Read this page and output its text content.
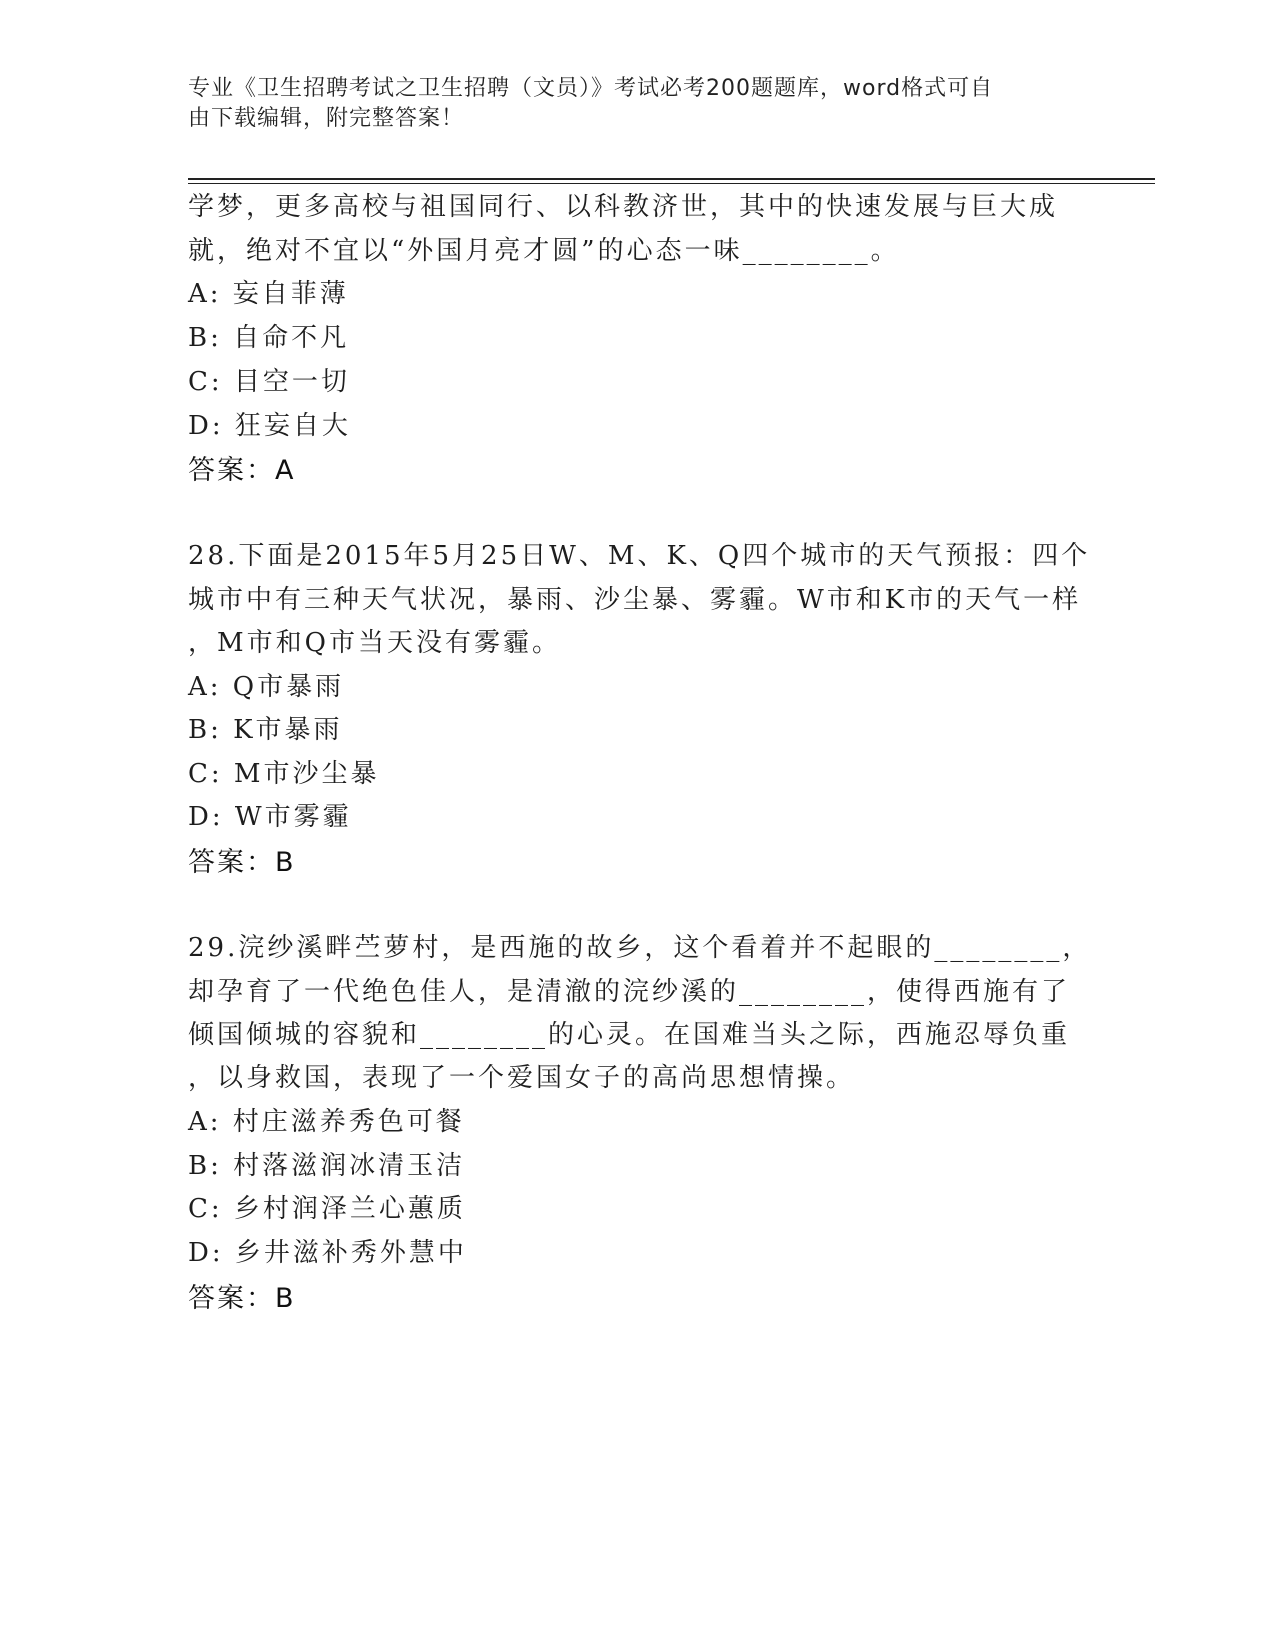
专业《卫生招聘考试之卫生招聘（文员）》考试必考200题题库，word格式可自
由下载编辑，附完整答案！
学梦，更多高校与祖国同行、以科教济世，其中的快速发展与巨大成
就，绝对不宜以“外国月亮才圆”的心态一味________。
A: 妄自菲薄
B: 自命不凡
C: 目空一切
D: 狂妄自大
答案：A
28.下面是2015年5月25日W、M、K、Q四个城市的天气预报：四个
城市中有三种天气状况，暴雨、沙尘暴、雾霾。W市和K市的天气一样
，M市和Q市当天没有雾霾。
A: Q市暴雨
B: K市暴雨
C: M市沙尘暴
D: W市雾霾
答案：B
29.浣纱溪畔苎萝村，是西施的故乡，这个看着并不起眼的________，
却孕育了一代绝色佳人，是清澈的浣纱溪的________，使得西施有了
倾国倾城的容貌和________的心灵。在国难当头之际，西施忍辱负重
，以身救国，表现了一个爱国女子的高尚思想情操。
A: 村庄滋养秀色可餐
B: 村落滋润冰清玉洁
C: 乡村润泽兰心蕙质
D: 乡井滋补秀外慧中
答案：B
